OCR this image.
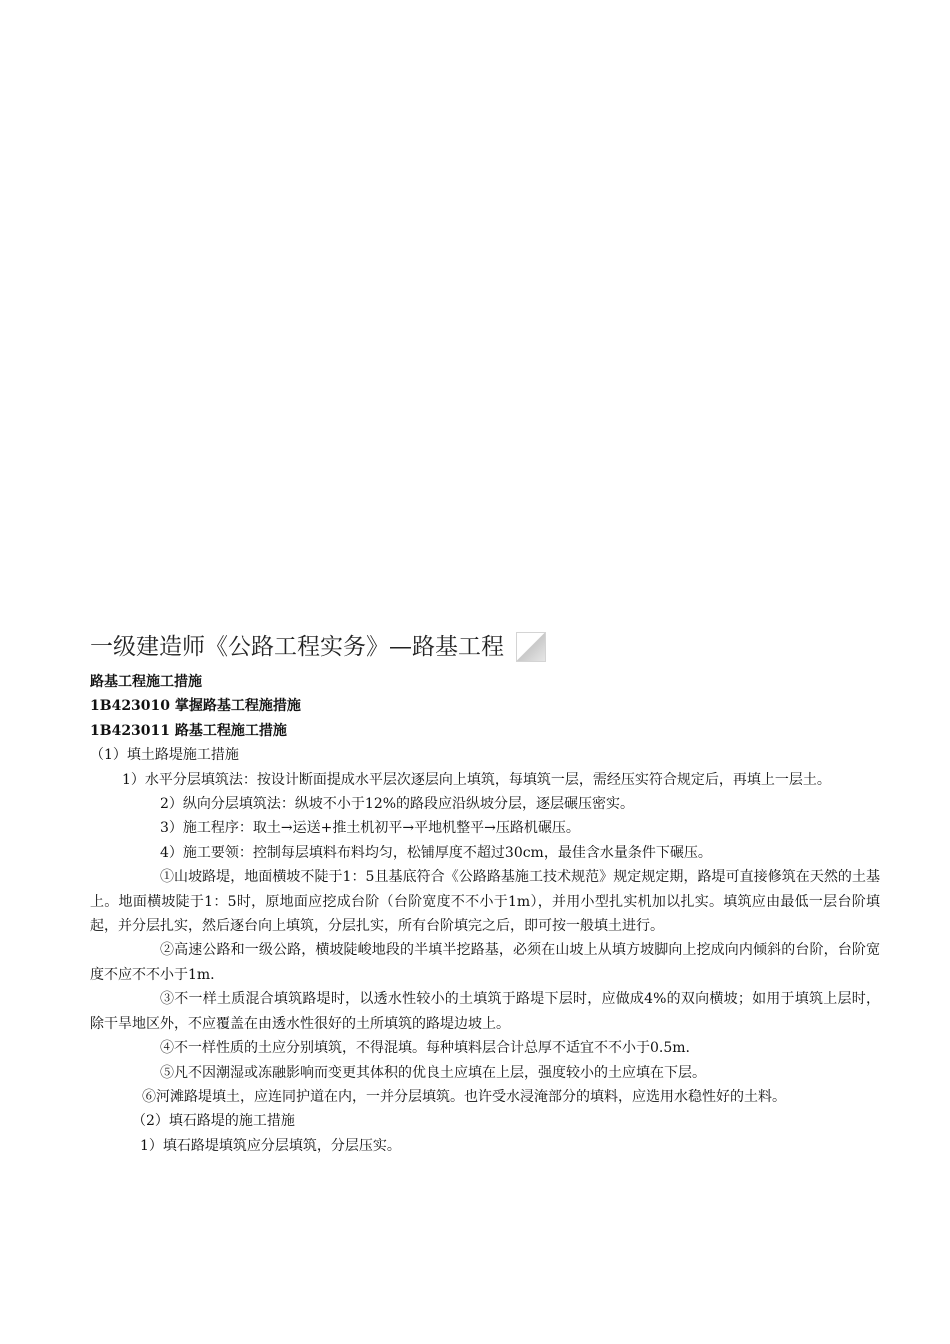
一级建造师《公路工程实务》—路基工程
路基工程施工措施
1B423010 掌握路基工程施措施
1B423011 路基工程施工措施
（1）填土路堤施工措施
1）水平分层填筑法：按设计断面提成水平层次逐层向上填筑，每填筑一层，需经压实符合规定后，再填上一层土。
2）纵向分层填筑法：纵坡不小于12%的路段应沿纵坡分层，逐层碾压密实。
3）施工程序：取土→运送+推土机初平→平地机整平→压路机碾压。
4）施工要领：控制每层填料布料均匀，松铺厚度不超过30cm，最佳含水量条件下碾压。
①山坡路堤，地面横坡不陡于1：5且基底符合《公路路基施工技术规范》规定规定期，路堤可直接修筑在天然的土基上。地面横坡陡于1：5时，原地面应挖成台阶（台阶宽度不不小于1m），并用小型扎实机加以扎实。填筑应由最低一层台阶填起，并分层扎实，然后逐台向上填筑，分层扎实，所有台阶填完之后，即可按一般填土进行。
②高速公路和一级公路，横坡陡峻地段的半填半挖路基，必须在山坡上从填方坡脚向上挖成向内倾斜的台阶，台阶宽度不应不不小于1m.
③不一样土质混合填筑路堤时，以透水性较小的土填筑于路堤下层时，应做成4%的双向横坡；如用于填筑上层时，除干旱地区外，不应覆盖在由透水性很好的土所填筑的路堤边坡上。
④不一样性质的土应分别填筑，不得混填。每种填料层合计总厚不适宜不不小于0.5m.
⑤凡不因潮湿或冻融影响而变更其体积的优良土应填在上层，强度较小的土应填在下层。
⑥河滩路堤填土，应连同护道在内，一并分层填筑。也许受水浸淹部分的填料，应选用水稳性好的土料。
（2）填石路堤的施工措施
1）填石路堤填筑应分层填筑，分层压实。
